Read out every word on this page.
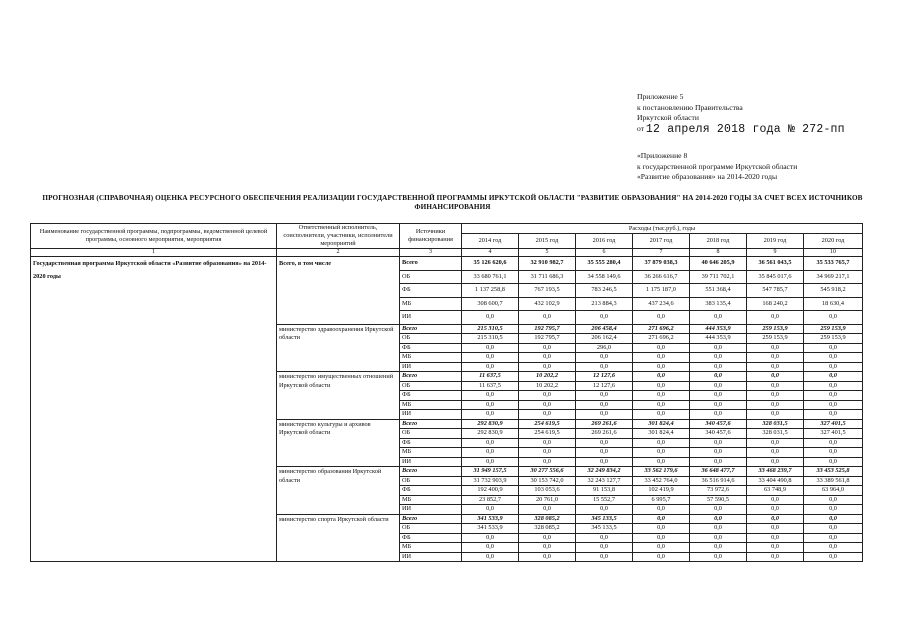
Приложение 5
к постановлению Правительства
Иркутской области
от 12 апреля 2018 года № 272-пп
«Приложение 8
к государственной программе Иркутской области
«Развитие образования» на 2014-2020 годы
ПРОГНОЗНАЯ (СПРАВОЧНАЯ) ОЦЕНКА РЕСУРСНОГО ОБЕСПЕЧЕНИЯ РЕАЛИЗАЦИИ ГОСУДАРСТВЕННОЙ ПРОГРАММЫ ИРКУТСКОЙ ОБЛАСТИ "РАЗВИТИЕ ОБРАЗОВАНИЯ" НА 2014-2020 ГОДЫ ЗА СЧЕТ ВСЕХ ИСТОЧНИКОВ ФИНАНСИРОВАНИЯ
Наименование государственной программы, подпрограммы, ведомственной целевой программы, основного мероприятия, мероприятия	Ответственный исполнитель, соисполнители, участники, исполнители мероприятий	Источники финансирования	Расходы (тыс.руб.), годы						
			2014 год	2015 год	2016 год	2017 год	2018 год	2019 год	2020 год
1	2	3	4	5	6	7	8	9	10
Государственная программа Иркутской области «Развитие образования» на 2014-2020 годы	Всего, в том числе	Всего	35 126 620,6	32 910 982,7	35 555 280,4	37 879 038,3	40 646 205,9	36 561 043,5	35 533 765,7
		ОБ	33 680 761,1	31 711 686,3	34 558 149,6	36 266 616,7	39 711 702,1	35 845 017,6	34 969 217,1
		ФБ	1 137 258,8	767 193,5	783 246,5	1 175 187,0	551 368,4	547 785,7	545 918,2
		МБ	308 600,7	432 102,9	213 884,3	437 234,6	383 135,4	168 240,2	18 630,4
		ИИ	0,0	0,0	0,0	0,0	0,0	0,0	0,0
	министерство здравоохранения Иркутской области	Всего	215 310,5	192 795,7	206 458,4	271 696,2	444 353,9	259 153,9	259 153,9
		ОБ	215 310,5	192 795,7	206 162,4	271 696,2	444 353,9	259 153,9	259 153,9
		ФБ	0,0	0,0	296,0	0,0	0,0	0,0	0,0
		МБ	0,0	0,0	0,0	0,0	0,0	0,0	0,0
		ИИ	0,0	0,0	0,0	0,0	0,0	0,0	0,0
	министерство имущественных отношений Иркутской области	Всего	11 637,5	10 202,2	12 127,6	0,0	0,0	0,0	0,0
		ОБ	11 637,5	10 202,2	12 127,6	0,0	0,0	0,0	0,0
		ФБ	0,0	0,0	0,0	0,0	0,0	0,0	0,0
		МБ	0,0	0,0	0,0	0,0	0,0	0,0	0,0
		ИИ	0,0	0,0	0,0	0,0	0,0	0,0	0,0
	министерство культуры и архивов Иркутской области	Всего	292 830,9	254 619,5	269 261,6	301 824,4	340 457,6	328 031,5	327 401,5
		ОБ	292 830,9	254 619,5	269 261,6	301 824,4	340 457,6	328 031,5	327 401,5
		ФБ	0,0	0,0	0,0	0,0	0,0	0,0	0,0
		МБ	0,0	0,0	0,0	0,0	0,0	0,0	0,0
		ИИ	0,0	0,0	0,0	0,0	0,0	0,0	0,0
	министерство образования Иркутской области	Всего	31 949 157,5	30 277 556,6	32 249 834,2	33 562 179,6	36 648 477,7	33 468 239,7	33 453 525,8
		ОБ	31 732 903,9	30 153 742,0	32 243 127,7	33 452 764,0	36 516 914,6	33 404 490,8	33 389 561,8
		ФБ	192 400,9	103 053,6	91 153,8	102 419,9	73 972,6	63 748,9	63 964,0
		МБ	23 852,7	20 761,0	15 552,7	6 995,7	57 590,5	0,0	0,0
		ИИ	0,0	0,0	0,0	0,0	0,0	0,0	0,0
	министерство спорта Иркутской области	Всего	341 533,9	328 085,2	345 133,5	0,0	0,0	0,0	0,0
		ОБ	341 533,9	328 085,2	345 133,5	0,0	0,0	0,0	0,0
		ФБ	0,0	0,0	0,0	0,0	0,0	0,0	0,0
		МБ	0,0	0,0	0,0	0,0	0,0	0,0	0,0
		ИИ	0,0	0,0	0,0	0,0	0,0	0,0	0,0
